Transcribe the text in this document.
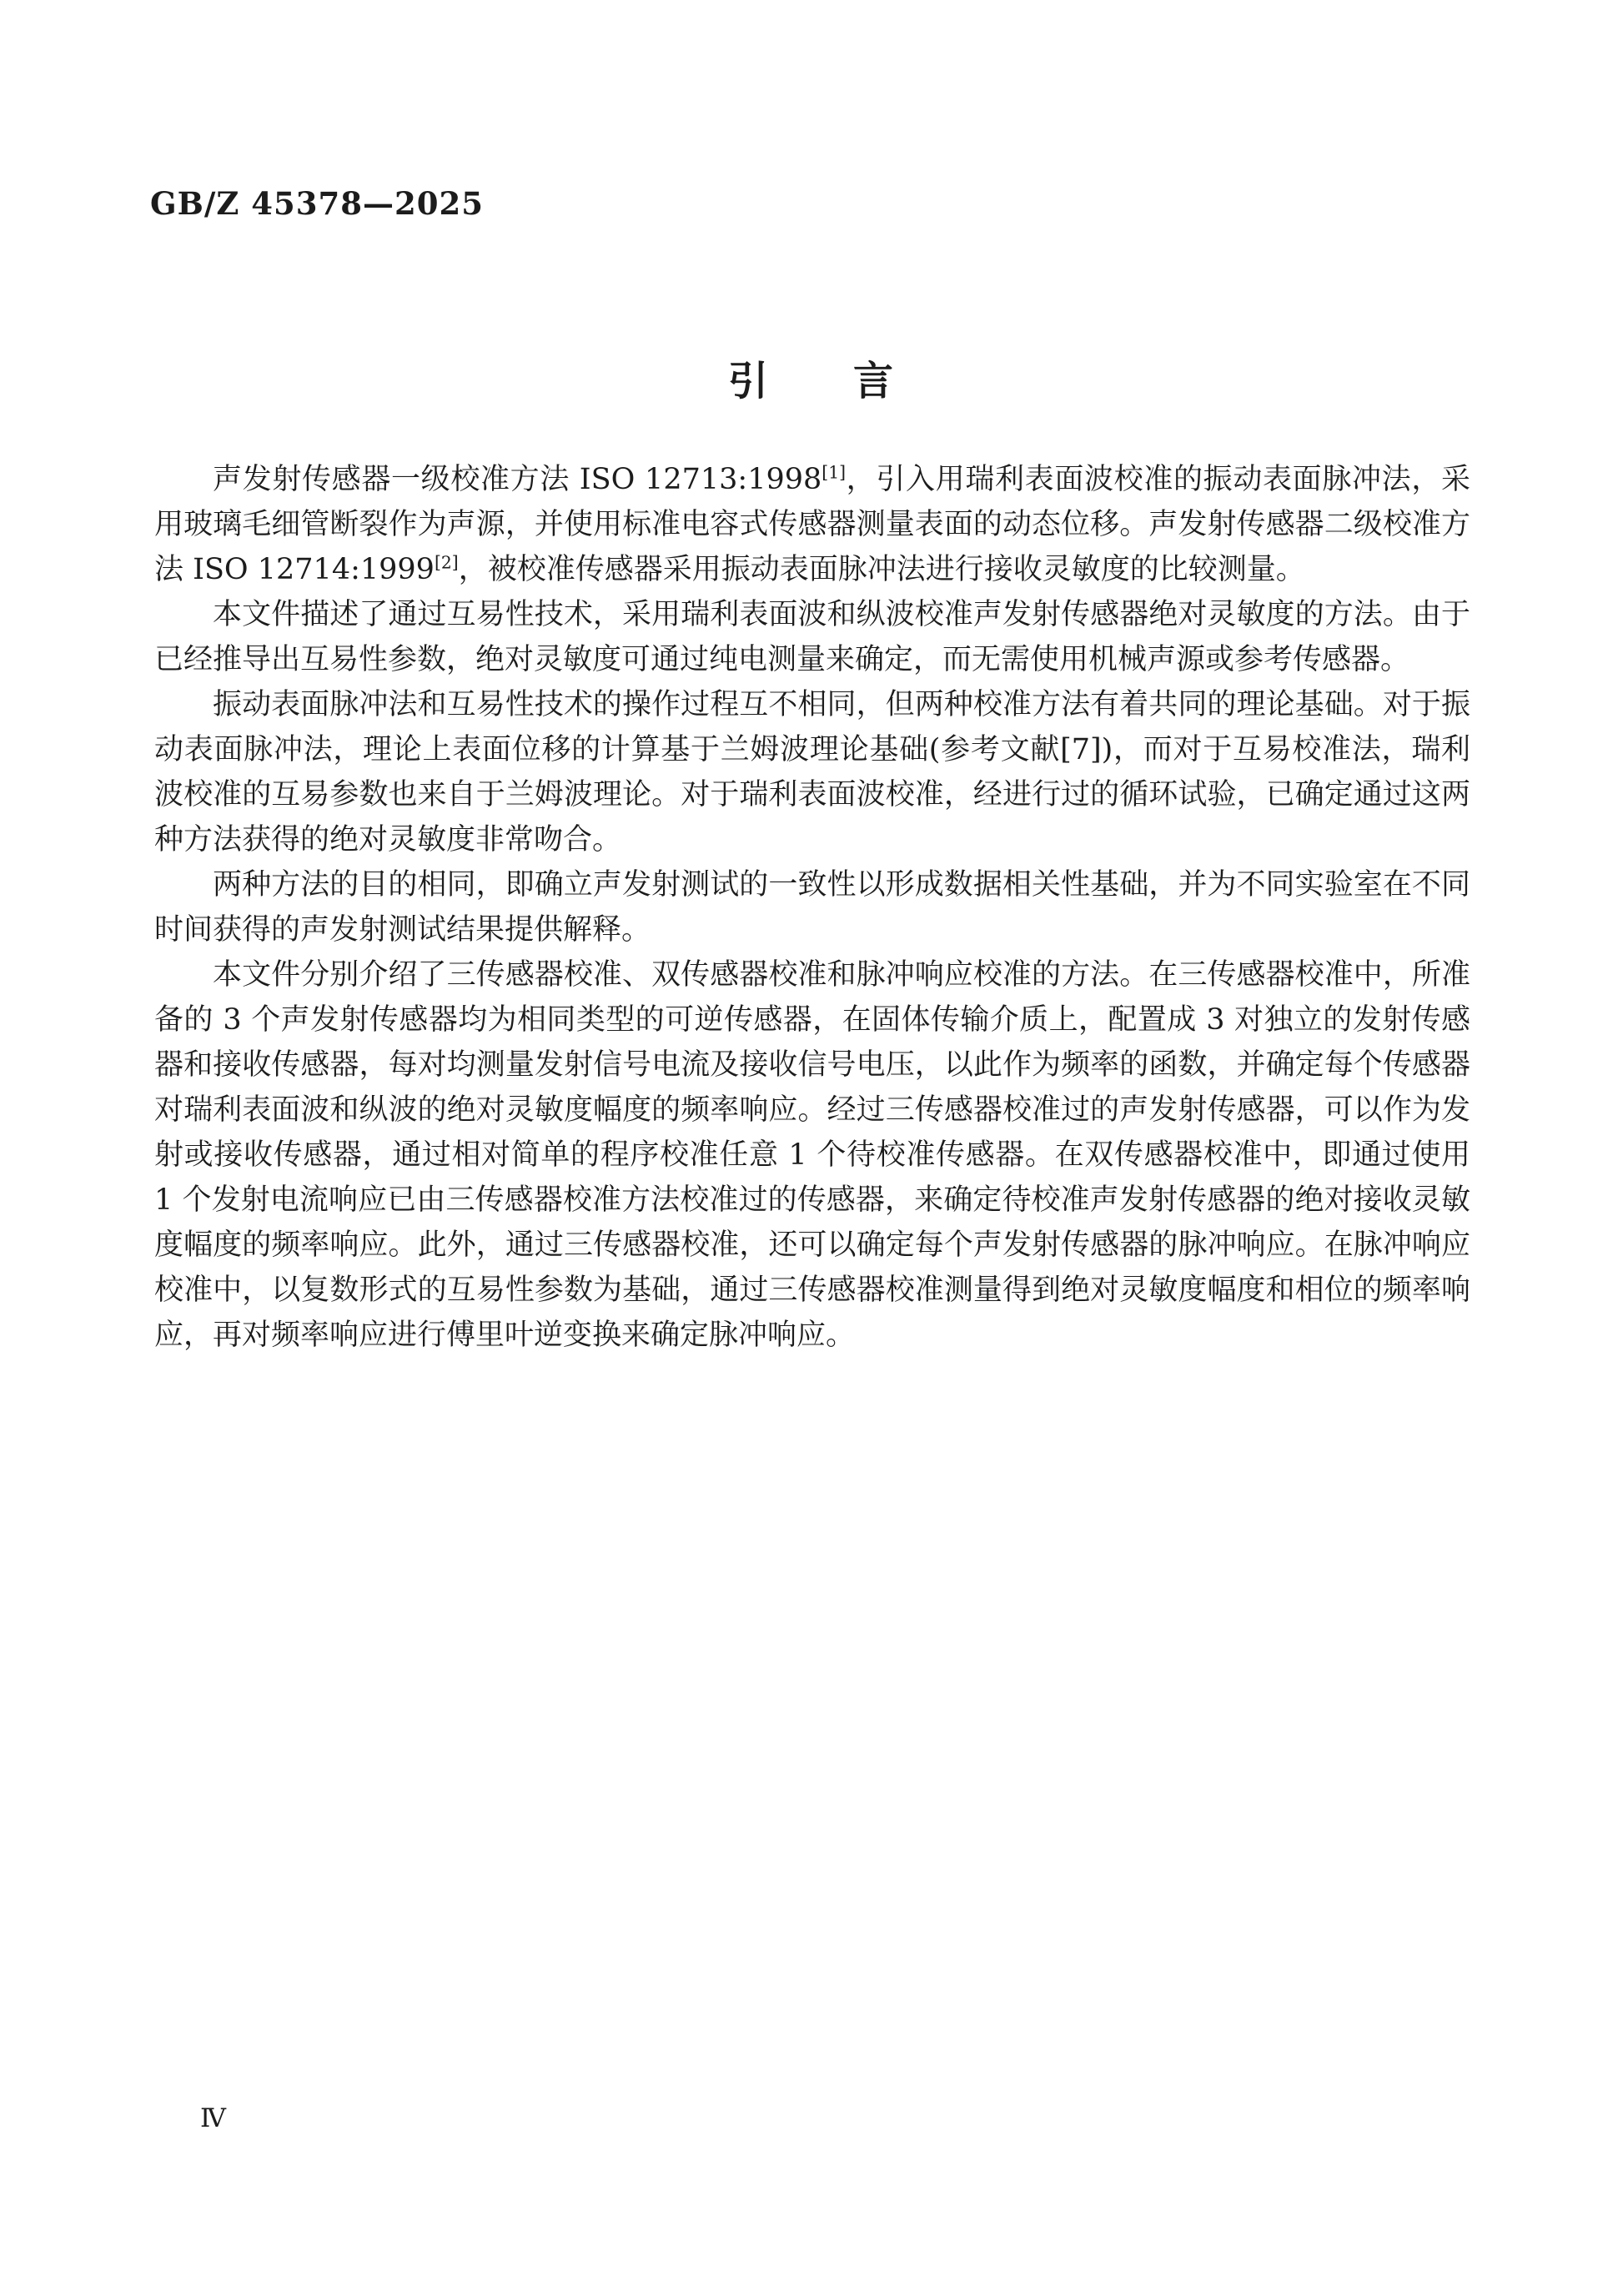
GB/Z 45378—2025
引　　言

声发射传感器一级校准方法 ISO 12713:1998[1]，引入用瑞利表面波校准的振动表面脉冲法，采用玻璃毛细管断裂作为声源，并使用标准电容式传感器测量表面的动态位移。声发射传感器二级校准方法 ISO 12714:1999[2]，被校准传感器采用振动表面脉冲法进行接收灵敏度的比较测量。

本文件描述了通过互易性技术，采用瑞利表面波和纵波校准声发射传感器绝对灵敏度的方法。由于已经推导出互易性参数，绝对灵敏度可通过纯电测量来确定，而无需使用机械声源或参考传感器。

振动表面脉冲法和互易性技术的操作过程互不相同，但两种校准方法有着共同的理论基础。对于振动表面脉冲法，理论上表面位移的计算基于兰姆波理论基础(参考文献[7])，而对于互易校准法，瑞利波校准的互易参数也来自于兰姆波理论。对于瑞利表面波校准，经进行过的循环试验，已确定通过这两种方法获得的绝对灵敏度非常吻合。

两种方法的目的相同，即确立声发射测试的一致性以形成数据相关性基础，并为不同实验室在不同时间获得的声发射测试结果提供解释。

本文件分别介绍了三传感器校准、双传感器校准和脉冲响应校准的方法。在三传感器校准中，所准备的 3 个声发射传感器均为相同类型的可逆传感器，在固体传输介质上，配置成 3 对独立的发射传感器和接收传感器，每对均测量发射信号电流及接收信号电压，以此作为频率的函数，并确定每个传感器对瑞利表面波和纵波的绝对灵敏度幅度的频率响应。经过三传感器校准过的声发射传感器，可以作为发射或接收传感器，通过相对简单的程序校准任意 1 个待校准传感器。在双传感器校准中，即通过使用 1 个发射电流响应已由三传感器校准方法校准过的传感器，来确定待校准声发射传感器的绝对接收灵敏度幅度的频率响应。此外，通过三传感器校准，还可以确定每个声发射传感器的脉冲响应。在脉冲响应校准中，以复数形式的互易性参数为基础，通过三传感器校准测量得到绝对灵敏度幅度和相位的频率响应，再对频率响应进行傅里叶逆变换来确定脉冲响应。

Ⅳ
